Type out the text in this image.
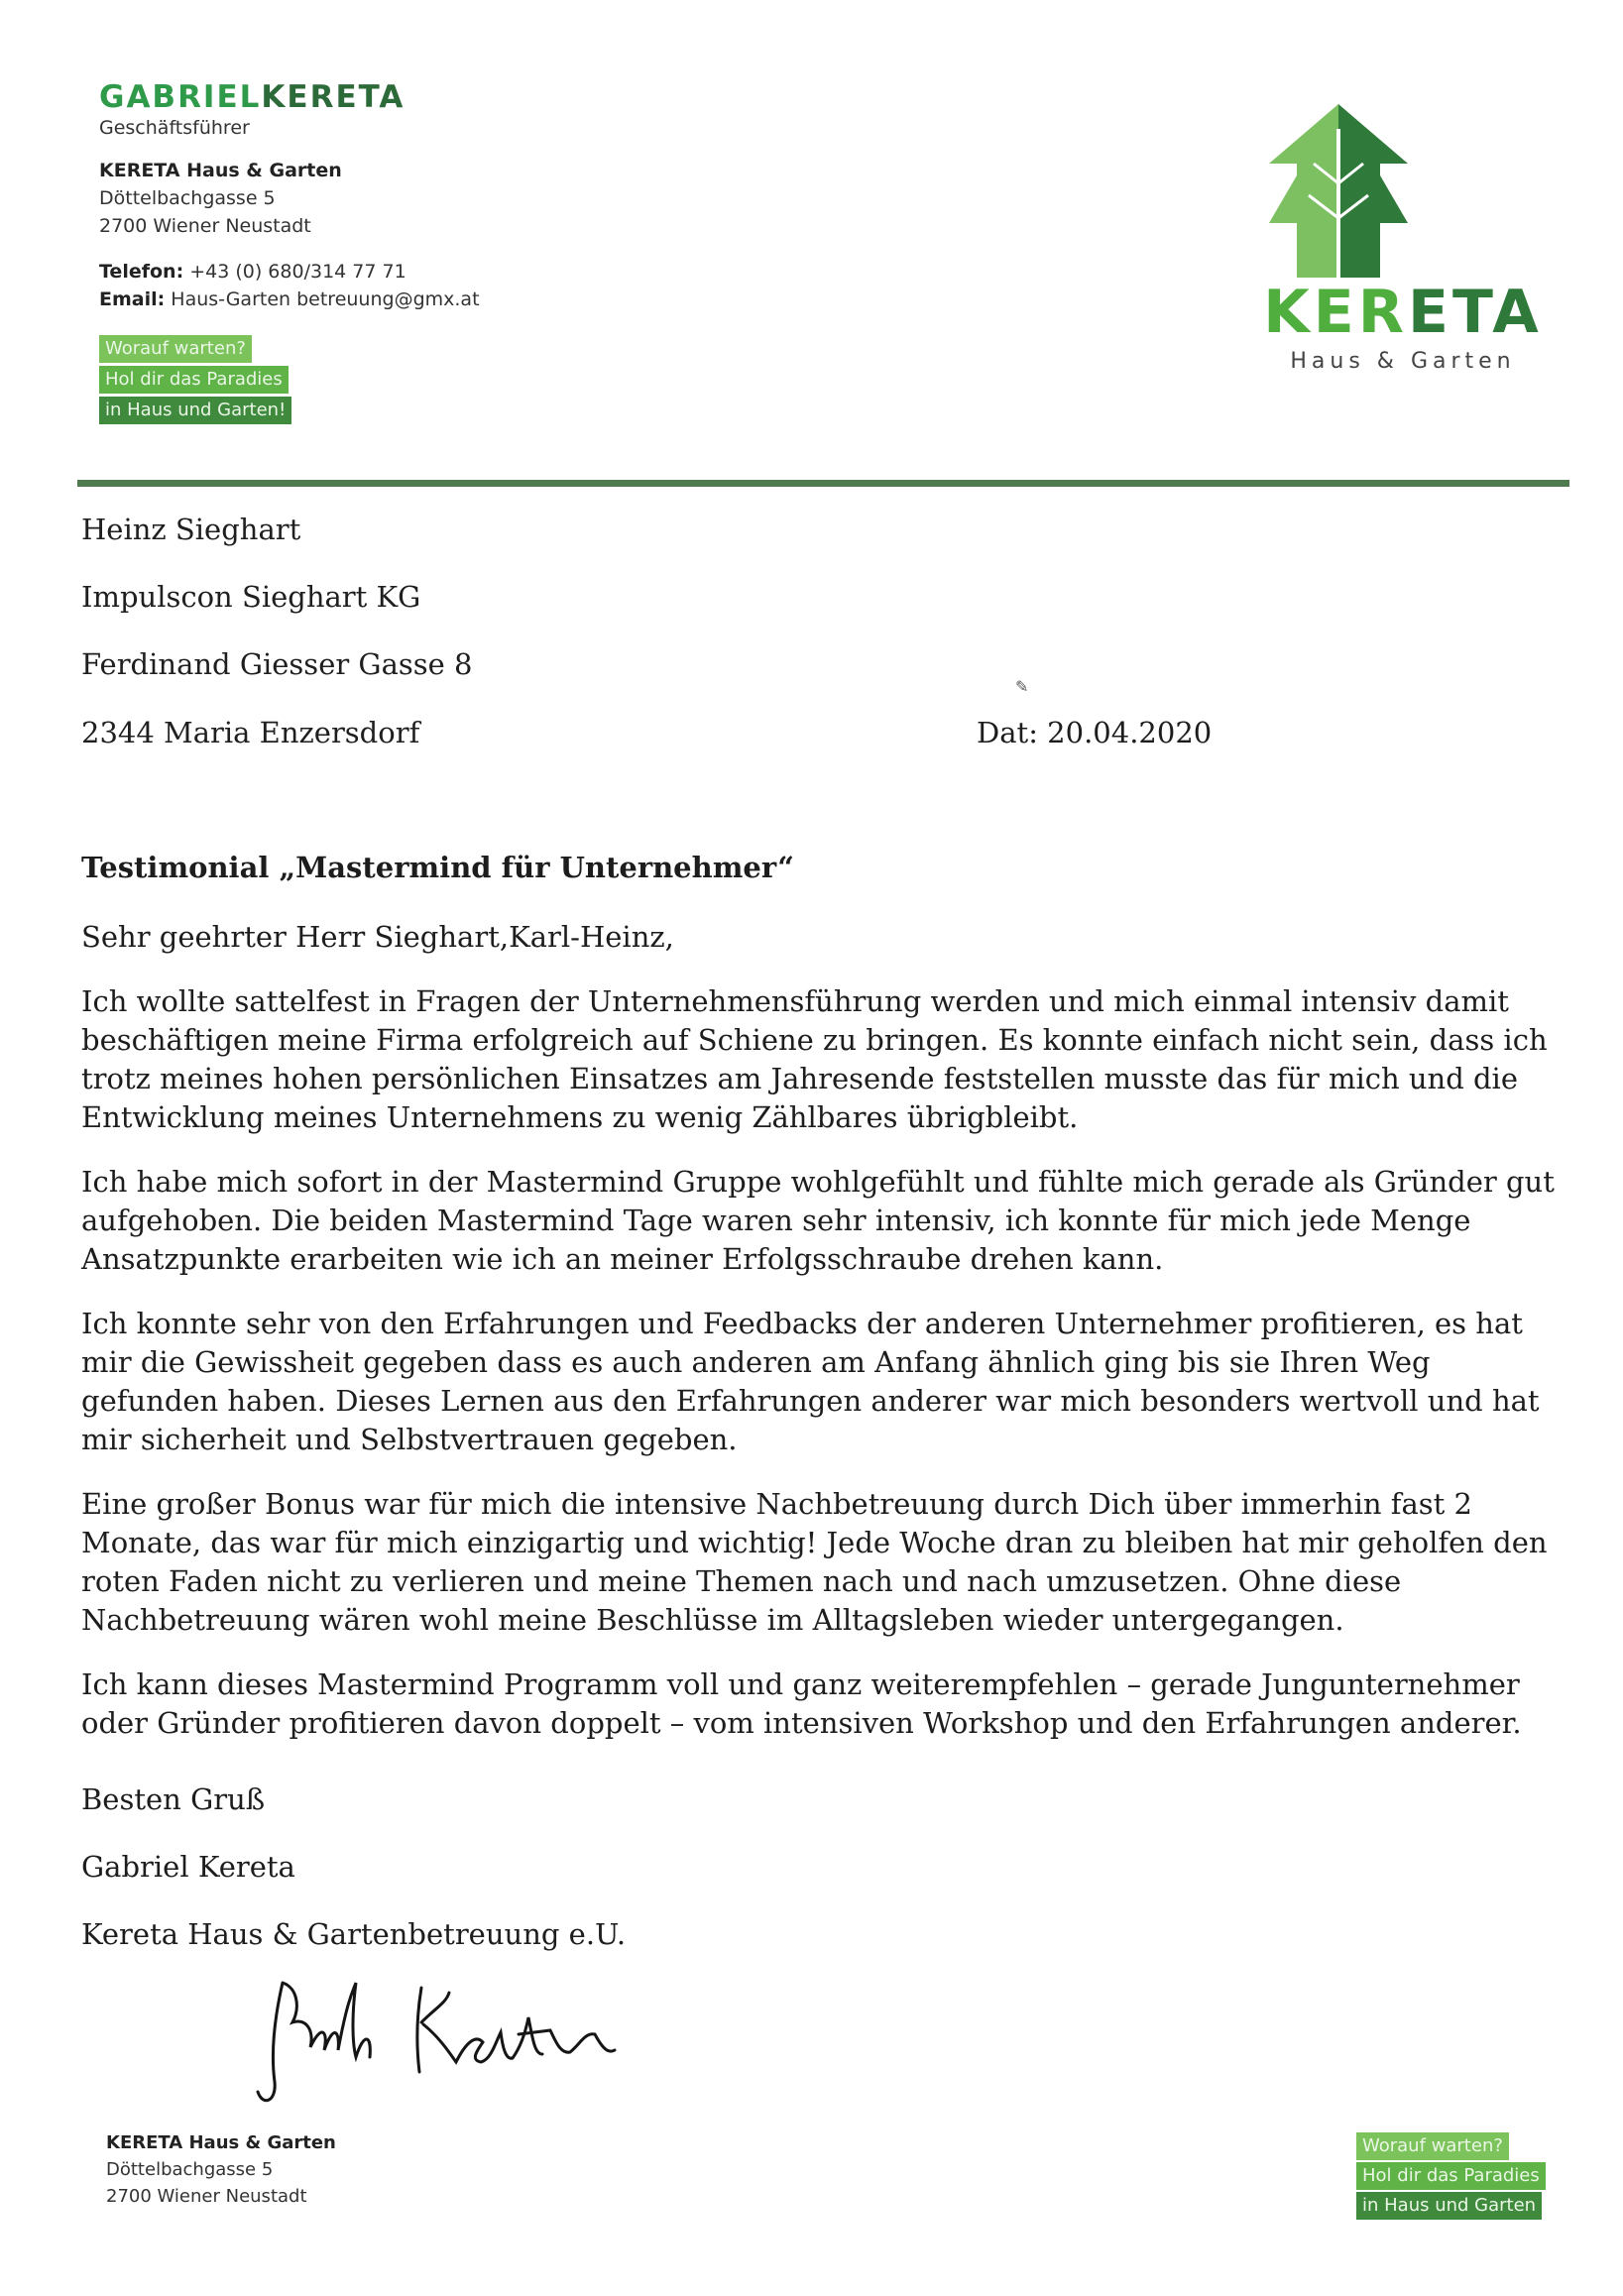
GABRIELKERETA
Geschäftsführer
KERETA Haus & Garten
Döttelbachgasse 5
2700 Wiener Neustadt
Telefon: +43 (0) 680/314 77 71
Email: Haus-Garten betreuung@gmx.at
Worauf warten?
Hol dir das Paradies
in Haus und Garten!
KERETA
Haus & Garten
Heinz Sieghart
Impulscon Sieghart KG
Ferdinand Giesser Gasse 8
2344 Maria Enzersdorf
✎
Dat: 20.04.2020
Testimonial „Mastermind für Unternehmer“

Sehr geehrter Herr Sieghart,Karl-Heinz,

Ich wollte sattelfest in Fragen der Unternehmensführung werden und mich einmal intensiv damit beschäftigen meine Firma erfolgreich auf Schiene zu bringen. Es konnte einfach nicht sein, dass ich trotz meines hohen persönlichen Einsatzes am Jahresende feststellen musste das für mich und die Entwicklung meines Unternehmens zu wenig Zählbares übrigbleibt.

Ich habe mich sofort in der Mastermind Gruppe wohlgefühlt und fühlte mich gerade als Gründer gut aufgehoben. Die beiden Mastermind Tage waren sehr intensiv, ich konnte für mich jede Menge Ansatzpunkte erarbeiten wie ich an meiner Erfolgsschraube drehen kann.

Ich konnte sehr von den Erfahrungen und Feedbacks der anderen Unternehmer profitieren, es hat mir die Gewissheit gegeben dass es auch anderen am Anfang ähnlich ging bis sie Ihren Weg gefunden haben. Dieses Lernen aus den Erfahrungen anderer war mich besonders wertvoll und hat mir sicherheit und Selbstvertrauen gegeben.

Eine großer Bonus war für mich die intensive Nachbetreuung durch Dich über immerhin fast 2 Monate, das war für mich einzigartig und wichtig! Jede Woche dran zu bleiben hat mir geholfen den roten Faden nicht zu verlieren und meine Themen nach und nach umzusetzen. Ohne diese Nachbetreuung wären wohl meine Beschlüsse im Alltagsleben wieder untergegangen.

Ich kann dieses Mastermind Programm voll und ganz weiterempfehlen – gerade Jungunternehmer oder Gründer profitieren davon doppelt – vom intensiven Workshop und den Erfahrungen anderer.

Besten Gruß
Gabriel Kereta
Kereta Haus & Gartenbetreuung e.U.
KERETA Haus & Garten
Döttelbachgasse 5
2700 Wiener Neustadt
Worauf warten?
Hol dir das Paradies
in Haus und Garten
